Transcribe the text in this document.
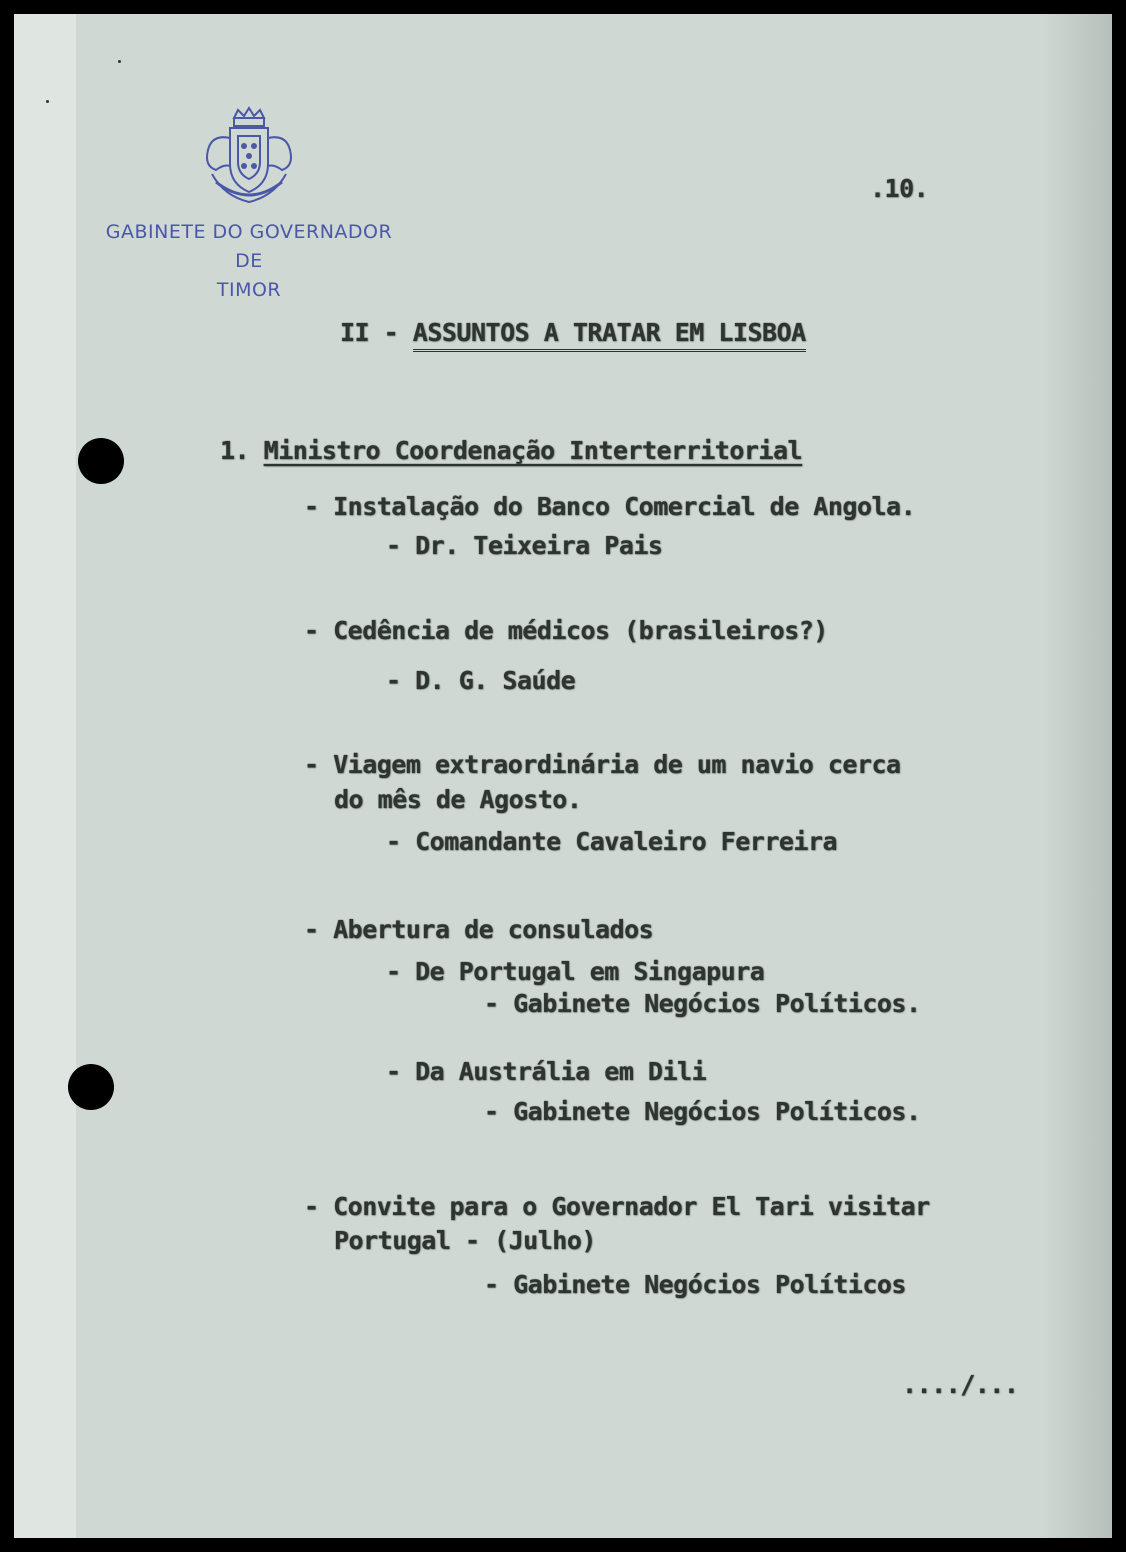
GABINETE DO GOVERNADOR
DE
TIMOR
.10.
II - ASSUNTOS A TRATAR EM LISBOA
1. Ministro Coordenação Interterritorial
- Instalação do Banco Comercial de Angola.
- Dr. Teixeira Pais
- Cedência de médicos (brasileiros?)
- D. G. Saúde
- Viagem extraordinária de um navio cerca
do mês de Agosto.
- Comandante Cavaleiro Ferreira
- Abertura de consulados
- De Portugal em Singapura
- Gabinete Negócios Políticos.
- Da Austrália em Dili
- Gabinete Negócios Políticos.
- Convite para o Governador El Tari visitar
Portugal - (Julho)
- Gabinete Negócios Políticos
..../...
